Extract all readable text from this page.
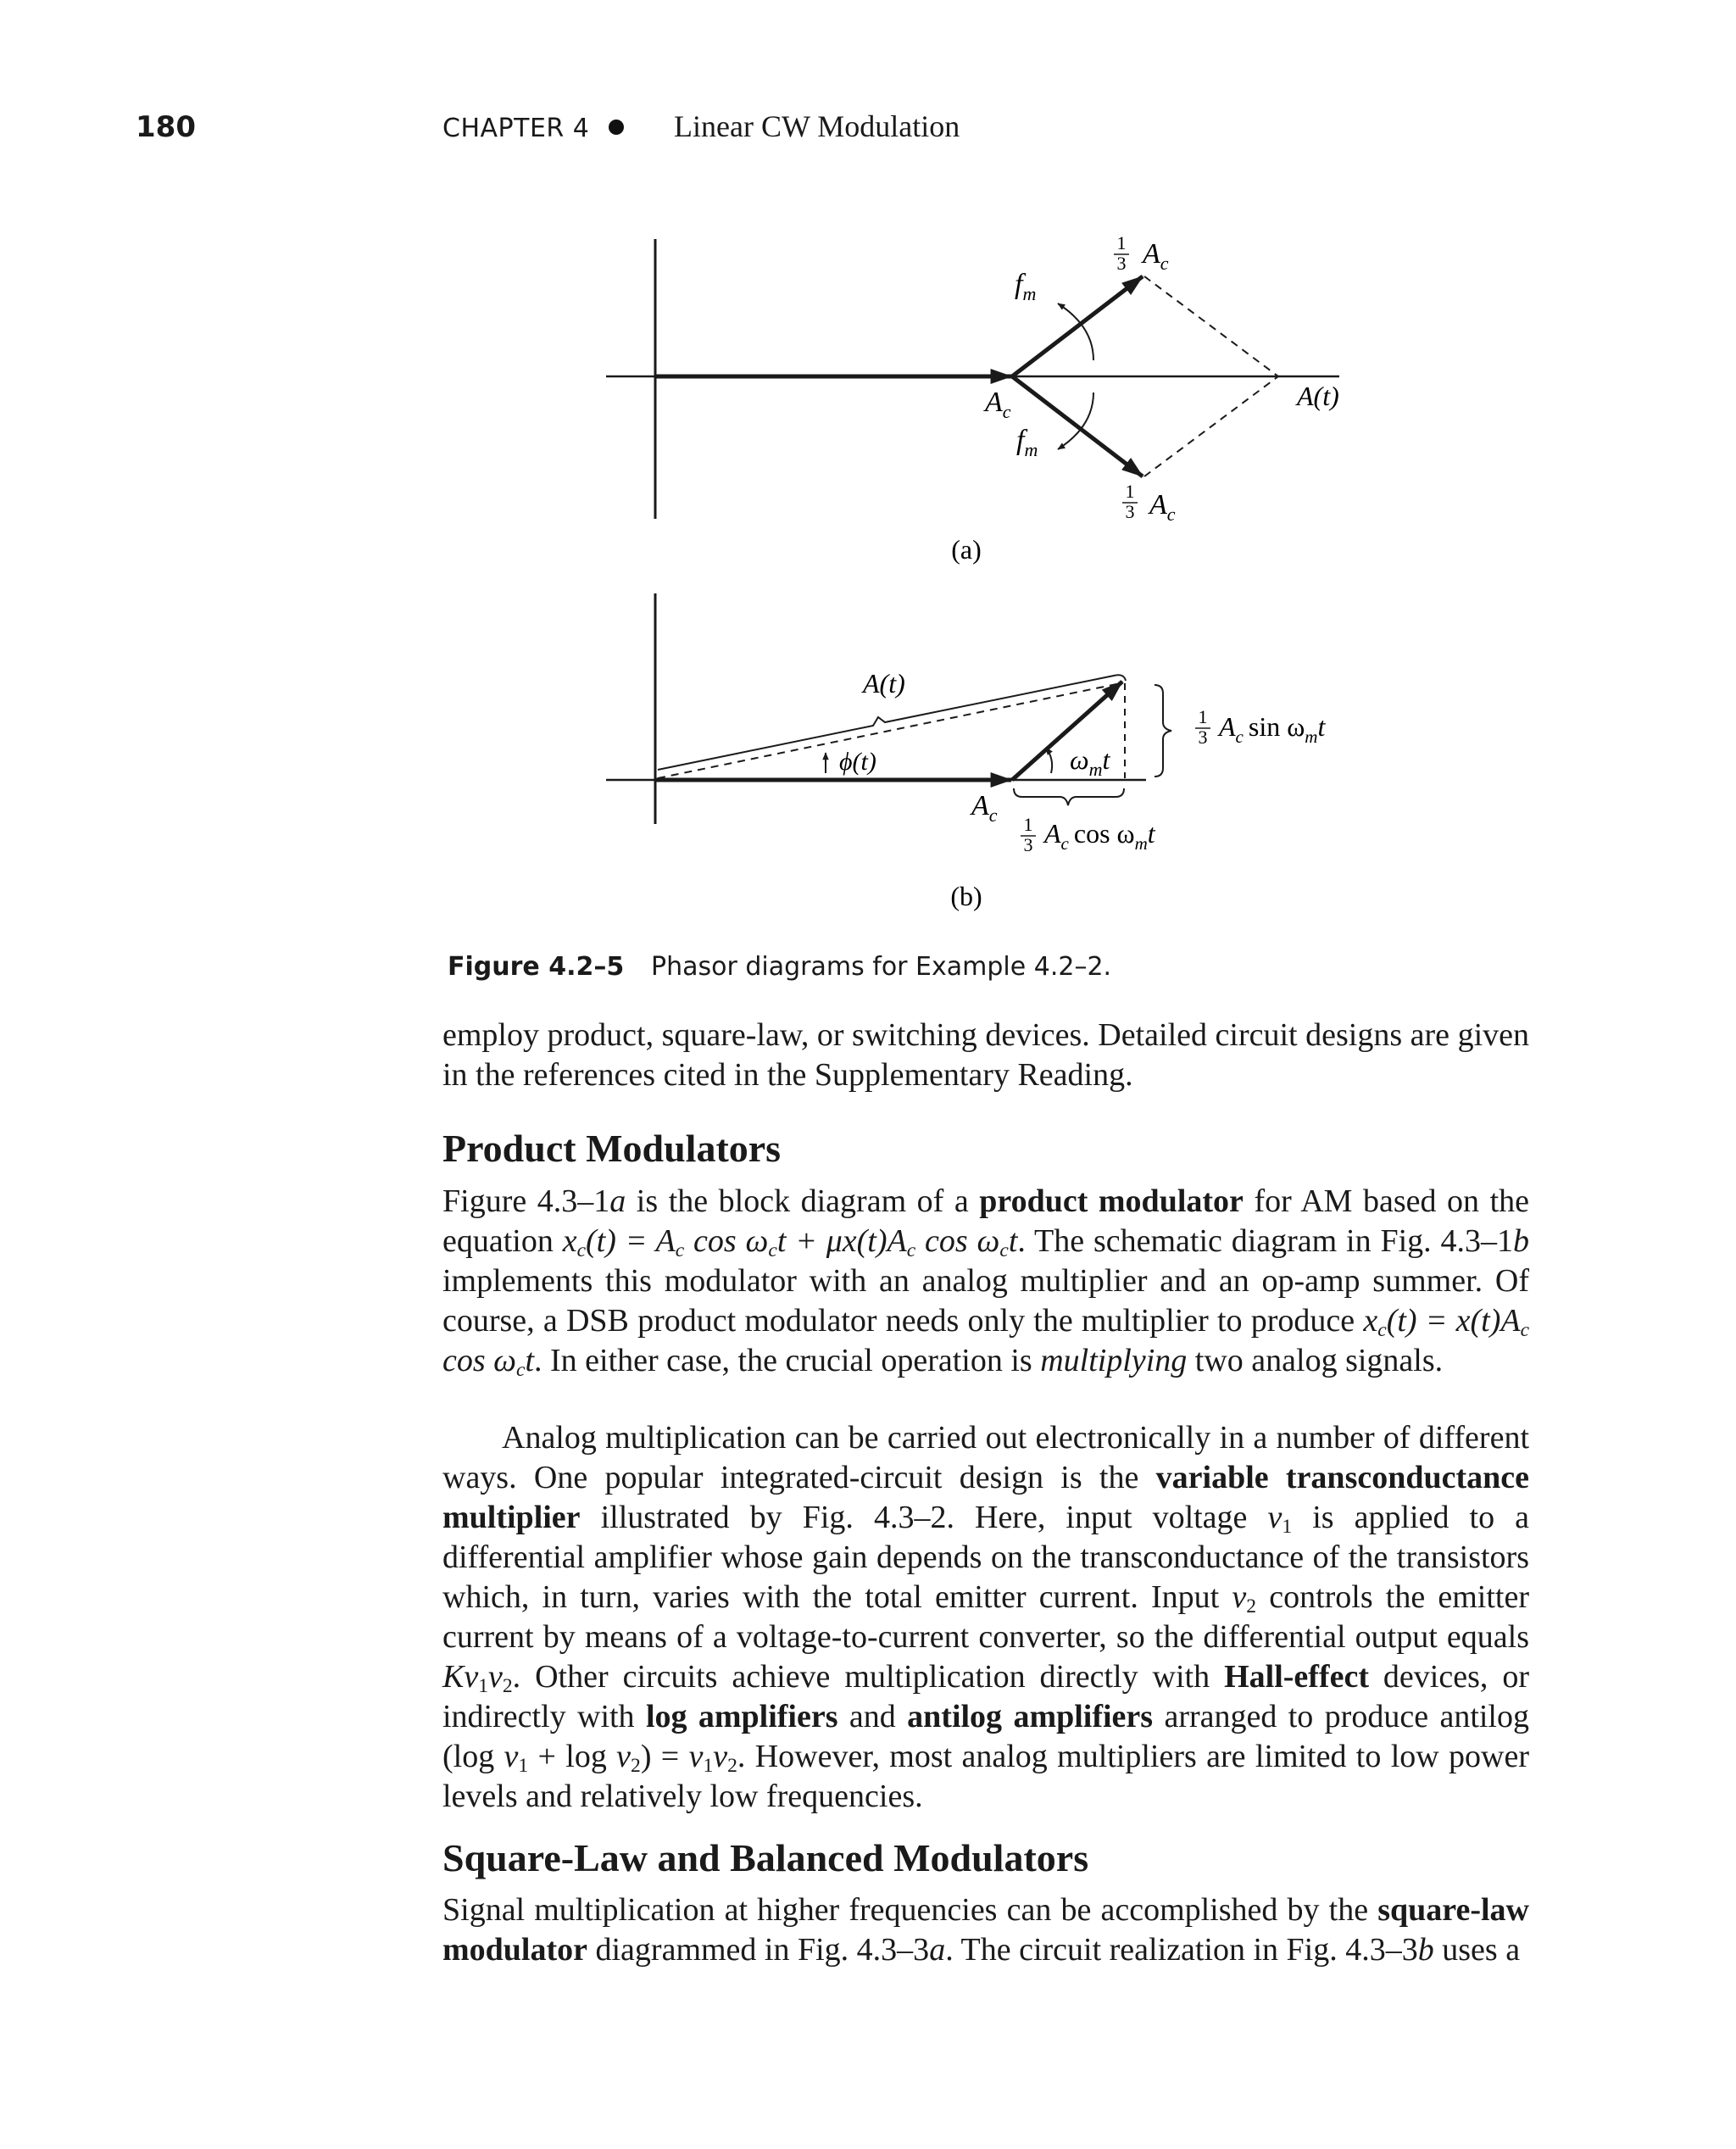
180	CHAPTER 4	Linear CW Modulation
$f_m$
$f_m$
$A_c$
A(t)
1
3 $A_c$
1
3 $A_c$
(a)
A(t)
ϕ(t)	$\omega_mt$
$A_c$
1
3 $A_c$ $\sin \omega_mt$
1
3 $A_c$ $\cos \omega_mt$
(b)
Figure 4.2–5 Phasor diagrams for Example 4.2–2.
employ product, square-law, or switching devices. Detailed circuit designs are given in the references cited in the Supplementary Reading.
Product Modulators
Figure 4.3–1a is the block diagram of a product modulator for AM based on the equation $x_c(t) = A_c$ $\cos \omega_ct + \mu x(t)A_c$ $\cos \omega_ct$. The schematic diagram in Fig. 4.3–1b implements this modulator with an analog multiplier and an op-amp summer. Of course, a DSB product modulator needs only the multiplier to produce $x_c(t) = x(t)A_c$ $\cos \omega_ct$. In either case, the crucial operation is multiplying two analog signals.
Analog multiplication can be carried out electronically in a number of different ways. One popular integrated-circuit design is the variable transconductance multiplier illustrated by Fig. 4.3–2. Here, input voltage $v_1$ is applied to a differential amplifier whose gain depends on the transconductance of the transistors which, in turn, varies with the total emitter current. Input $v_2$ controls the emitter current by means of a voltage-to-current converter, so the differential output equals $Kv_1v_2$. Other circuits achieve multiplication directly with Hall-effect devices, or indirectly with log amplifiers and antilog amplifiers arranged to produce antilog (log $v_1 + \log v_2) = v_1v_2$. However, most analog multipliers are limited to low power levels and relatively low frequencies.
Square-Law and Balanced Modulators
Signal multiplication at higher frequencies can be accomplished by the square-law modulator diagrammed in Fig. 4.3–3a. The circuit realization in Fig. 4.3–3b uses a
